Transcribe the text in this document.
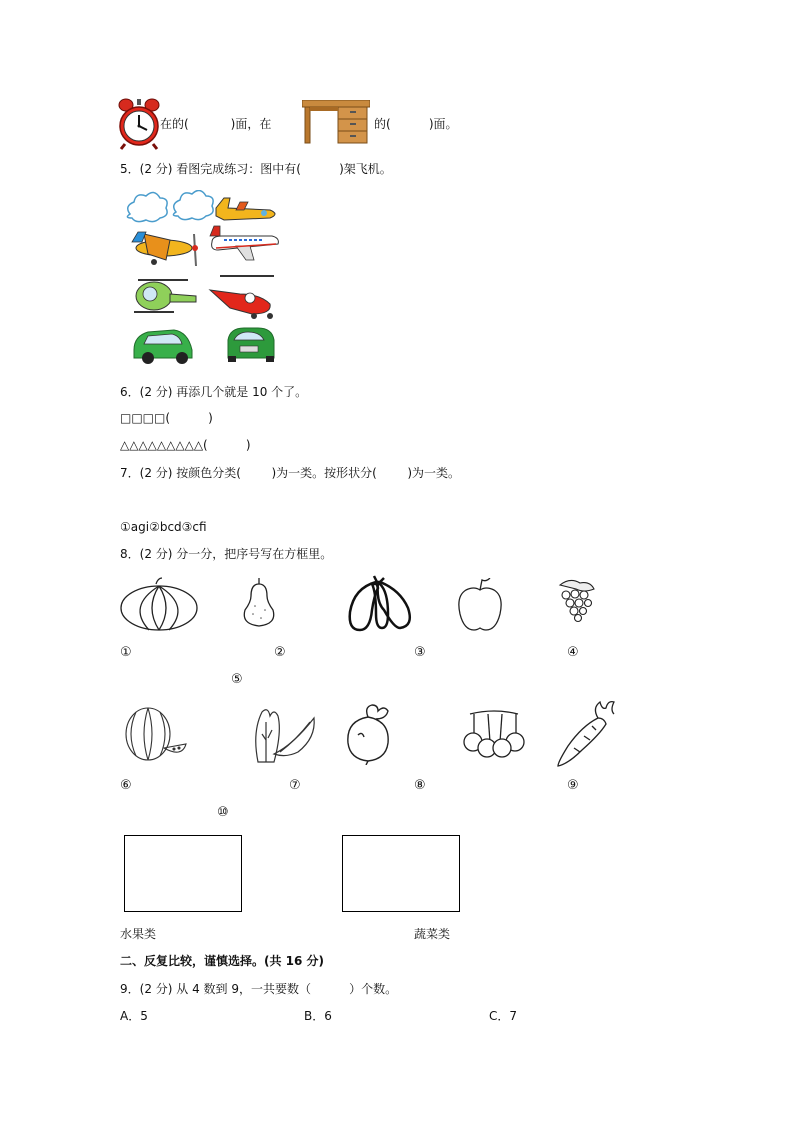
在的(           )面，在	的(          )面。
5．(2 分) 看图完成练习：图中有(          )架飞机。
6．(2 分) 再添几个就是 10 个了。
□□□□(          )
△△△△△△△△△(          )
7．(2 分) 按颜色分类(        )为一类。按形状分(        )为一类。
①agi②bcd③cfi
8．(2 分) 分一分，把序号写在方框里。
①	②	③	④
⑤
⑥	⑦	⑧	⑨
⑩
水果类	蔬菜类
二、反复比较，谨慎选择。(共 16 分)
9．(2 分) 从 4 数到 9，一共要数（          ）个数。
A．5	B．6	C．7
